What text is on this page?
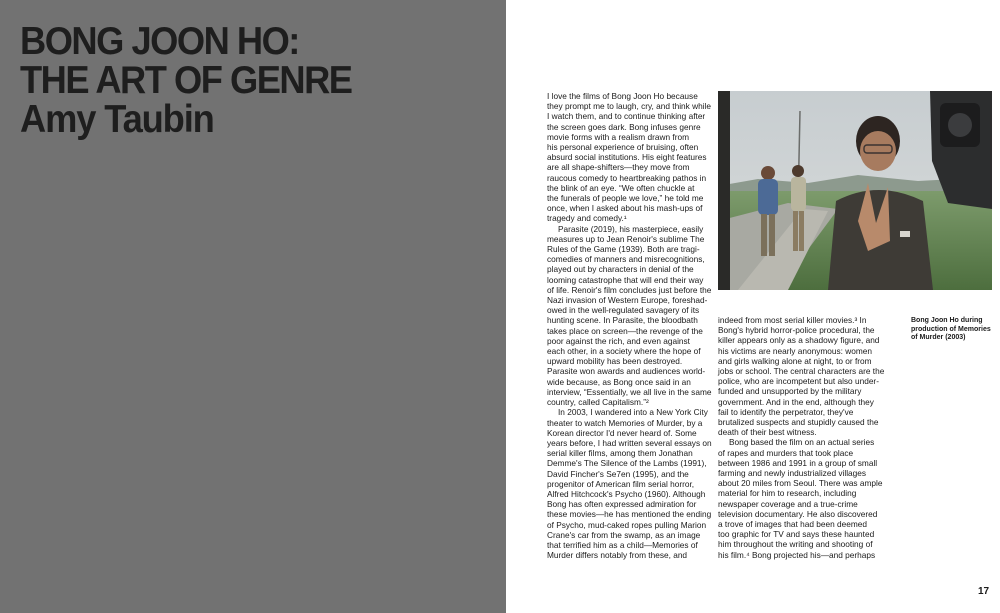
BONG JOON HO:
THE ART OF GENRE
Amy Taubin
I love the films of Bong Joon Ho because
they prompt me to laugh, cry, and think while
I watch them, and to continue thinking after
the screen goes dark. Bong infuses genre
movie forms with a realism drawn from
his personal experience of bruising, often
absurd social institutions. His eight features
are all shape-shifters—they move from
raucous comedy to heartbreaking pathos in
the blink of an eye. “We often chuckle at
the funerals of people we love,” he told me
once, when I asked about his mash-ups of
tragedy and comedy.¹
Parasite (2019), his masterpiece, easily
measures up to Jean Renoir's sublime The
Rules of the Game (1939). Both are tragi-
comedies of manners and misrecognitions,
played out by characters in denial of the
looming catastrophe that will end their way
of life. Renoir's film concludes just before the
Nazi invasion of Western Europe, foreshad-
owed in the well-regulated savagery of its
hunting scene. In Parasite, the bloodbath
takes place on screen—the revenge of the
poor against the rich, and even against
each other, in a society where the hope of
upward mobility has been destroyed.
Parasite won awards and audiences world-
wide because, as Bong once said in an
interview, “Essentially, we all live in the same
country, called Capitalism.”²
In 2003, I wandered into a New York City
theater to watch Memories of Murder, by a
Korean director I'd never heard of. Some
years before, I had written several essays on
serial killer films, among them Jonathan
Demme's The Silence of the Lambs (1991),
David Fincher's Se7en (1995), and the
progenitor of American film serial horror,
Alfred Hitchcock's Psycho (1960). Although
Bong has often expressed admiration for
these movies—he has mentioned the ending
of Psycho, mud-caked ropes pulling Marion
Crane's car from the swamp, as an image
that terrified him as a child—Memories of
Murder differs notably from these, and
indeed from most serial killer movies.³ In
Bong's hybrid horror-police procedural, the
killer appears only as a shadowy figure, and
his victims are nearly anonymous: women
and girls walking alone at night, to or from
jobs or school. The central characters are the
police, who are incompetent but also under-
funded and unsupported by the military
government. And in the end, although they
fail to identify the perpetrator, they've
brutalized suspects and stupidly caused the
death of their best witness.
Bong based the film on an actual series
of rapes and murders that took place
between 1986 and 1991 in a group of small
farming and newly industrialized villages
about 20 miles from Seoul. There was ample
material for him to research, including
newspaper coverage and a true-crime
television documentary. He also discovered
a trove of images that had been deemed
too graphic for TV and says these haunted
him throughout the writing and shooting of
his film.⁴ Bong projected his—and perhaps
Bong Joon Ho during
production of Memories
of Murder (2003)
17
